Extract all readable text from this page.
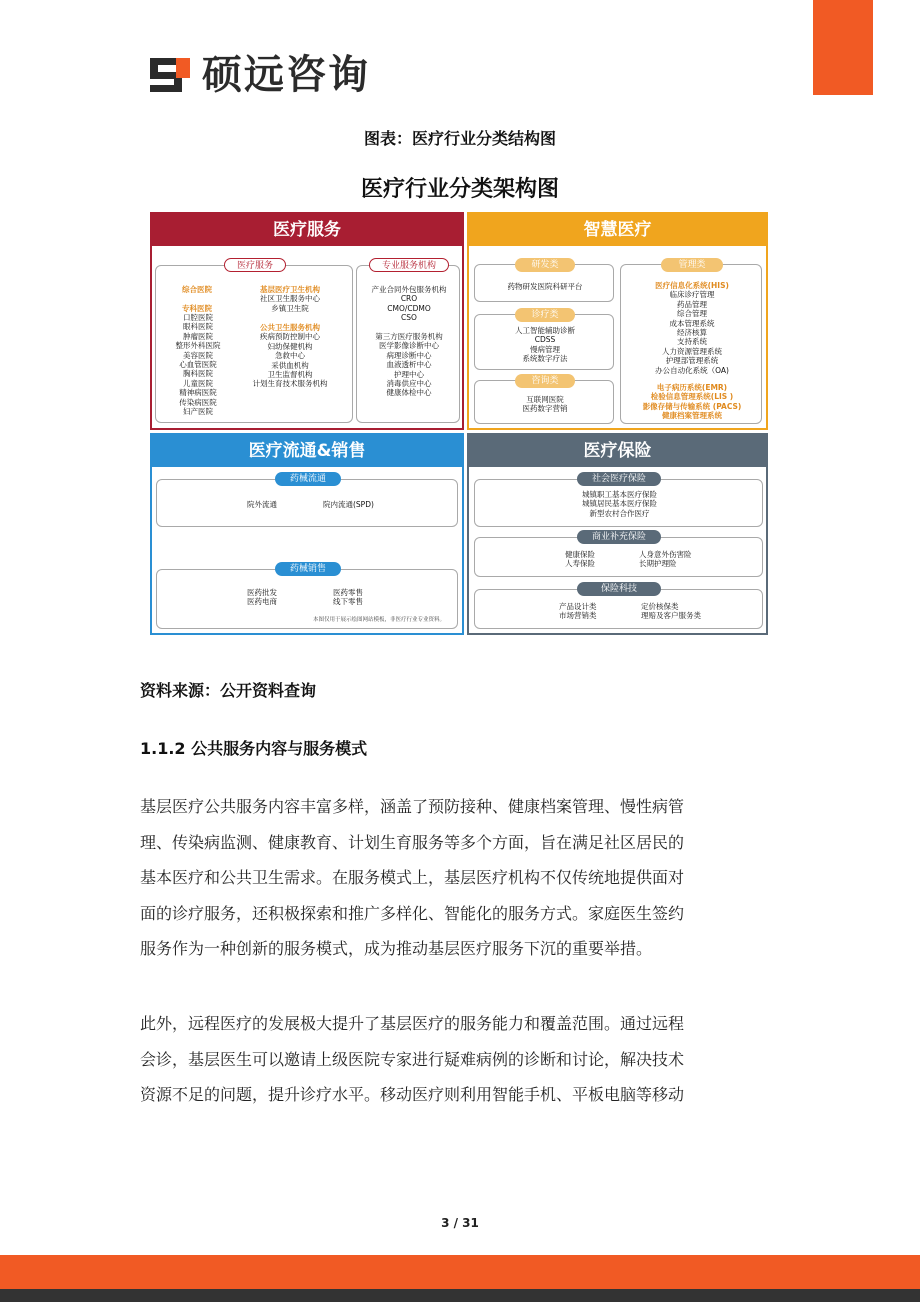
硕远咨询
图表：医疗行业分类结构图
医疗行业分类架构图
医疗服务
医疗服务
综合医院
专科医院
口腔医院
眼科医院
肿瘤医院
整形外科医院
美容医院
心血管医院
胸科医院
儿童医院
精神病医院
传染病医院
妇产医院
基层医疗卫生机构
社区卫生服务中心
乡镇卫生院
公共卫生服务机构
疾病预防控制中心
妇幼保健机构
急救中心
采供血机构
卫生监督机构
计划生育技术服务机构
专业服务机构
产业合同外包服务机构
CRO
CMO/CDMO
CSO
第三方医疗服务机构
医学影像诊断中心
病理诊断中心
血液透析中心
护理中心
消毒供应中心
健康体检中心
智慧医疗
研发类
药物研发医院科研平台
诊疗类
人工智能辅助诊断
CDSS
慢病管理
系统数字疗法
咨询类
互联网医院
医药数字营销
管理类
医疗信息化系统(HIS)
临床诊疗管理
药品管理
综合管理
成本管理系统
经济核算
支持系统
人力资源管理系统
护理部管理系统
办公自动化系统（OA)
电子病历系统(EMR)
检验信息管理系统(LIS )
影像存储与传输系统 (PACS)
健康档案管理系统
医疗流通&销售
药械流通
院外流通	院内流通(SPD)
药械销售
医药批发
医药电商
医药零售
线下零售
本图仅用于展示绘图网站模板，非医疗行业专业资料。
医疗保险
社会医疗保险
城镇职工基本医疗保险
城镇居民基本医疗保险
新型农村合作医疗
商业补充保险
健康保险
人寿保险
人身意外伤害险
长期护理险
保险科技
产品设计类
市场营销类
定价核保类
理赔及客户服务类
资料来源：公开资料查询
1.1.2 公共服务内容与服务模式
基层医疗公共服务内容丰富多样，涵盖了预防接种、健康档案管理、慢性病管
理、传染病监测、健康教育、计划生育服务等多个方面，旨在满足社区居民的
基本医疗和公共卫生需求。在服务模式上，基层医疗机构不仅传统地提供面对
面的诊疗服务，还积极探索和推广多样化、智能化的服务方式。家庭医生签约
服务作为一种创新的服务模式，成为推动基层医疗服务下沉的重要举措。
此外，远程医疗的发展极大提升了基层医疗的服务能力和覆盖范围。通过远程
会诊，基层医生可以邀请上级医院专家进行疑难病例的诊断和讨论，解决技术
资源不足的问题，提升诊疗水平。移动医疗则利用智能手机、平板电脑等移动
3 / 31
